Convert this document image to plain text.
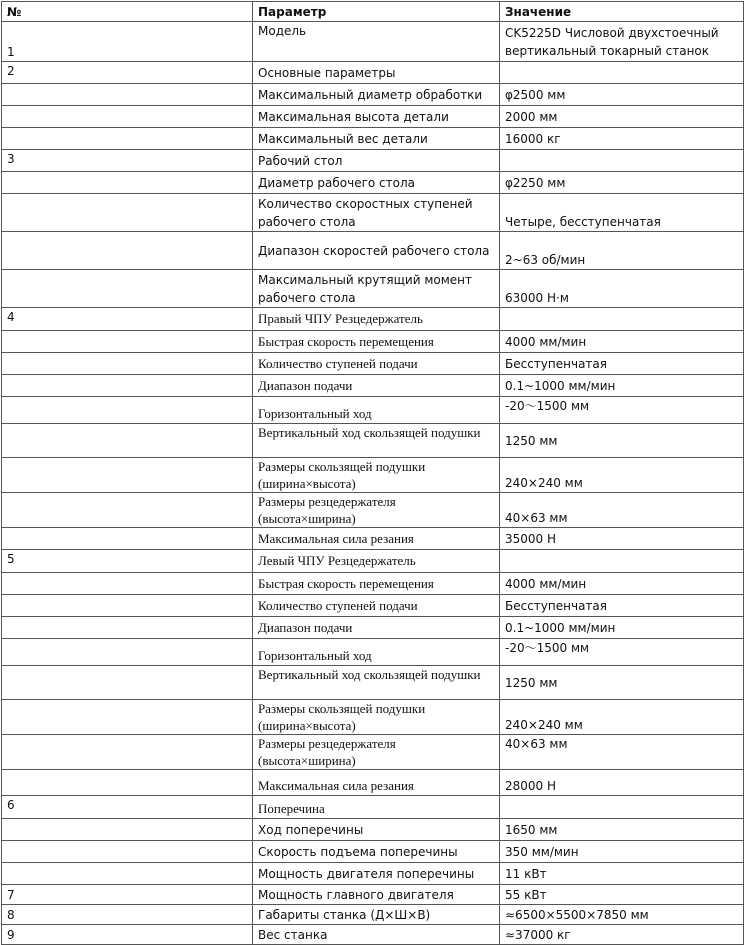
№	Параметр	Значение
1	Модель	CK5225D Числовой двухстоечный вертикальный токарный станок
2	Основные параметры	
	Максимальный диаметр обработки	φ2500 мм
	Максимальная высота детали	2000 мм
	Максимальный вес детали	16000 кг
3	Рабочий стол	
	Диаметр рабочего стола	φ2250 мм
	Количество скоростных ступеней рабочего стола	Четыре, бесступенчатая
	Диапазон скоростей рабочего стола	2~63 об/мин
	Максимальный крутящий момент рабочего стола	63000 Н·м
4	Правый ЧПУ Резцедержатель	
	Быстрая скорость перемещения	4000 мм/мин
	Количество ступеней подачи	Бесступенчатая
	Диапазон подачи	0.1~1000 мм/мин
	Горизонтальный ход	-20～1500 мм
	Вертикальный ход скользящей подушки	1250 мм
	Размеры скользящей подушки (ширина×высота)	240×240 мм
	Размеры резцедержателя (высота×ширина)	40×63 мм
	Максимальная сила резания	35000 Н
5	Левый ЧПУ Резцедержатель	
	Быстрая скорость перемещения	4000 мм/мин
	Количество ступеней подачи	Бесступенчатая
	Диапазон подачи	0.1~1000 мм/мин
	Горизонтальный ход	-20～1500 мм
	Вертикальный ход скользящей подушки	1250 мм
	Размеры скользящей подушки (ширина×высота)	240×240 мм
	Размеры резцедержателя (высота×ширина)	40×63 мм
	Максимальная сила резания	28000 Н
6	Поперечина	
	Ход поперечины	1650 мм
	Скорость подъема поперечины	350 мм/мин
	Мощность двигателя поперечины	11 кВт
7	Мощность главного двигателя	55 кВт
8	Габариты станка (Д×Ш×В)	≈6500×5500×7850 мм
9	Вес станка	≈37000 кг
